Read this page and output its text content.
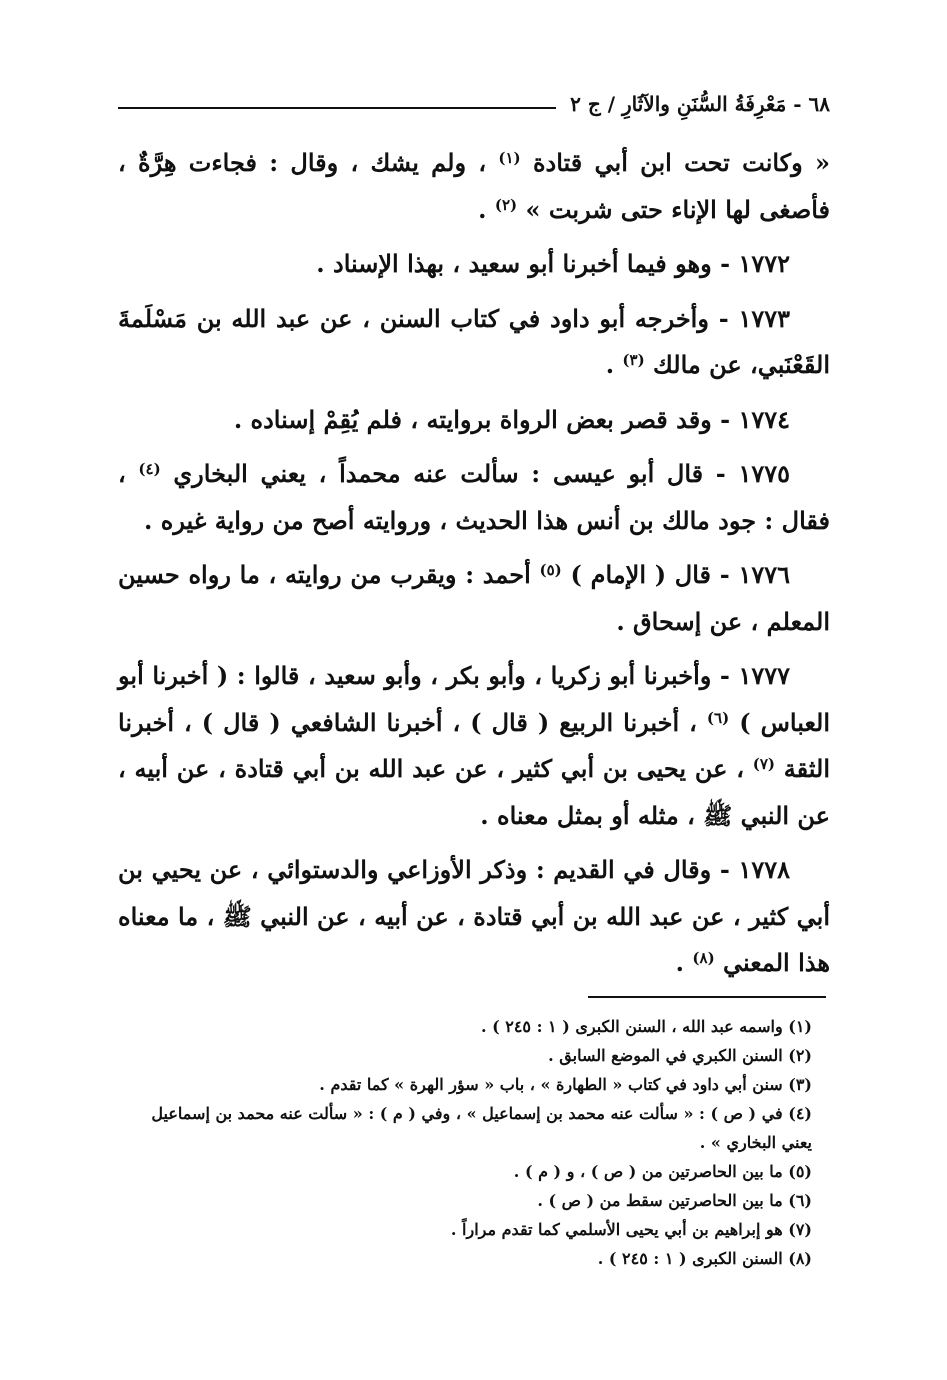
٦٨ - مَعْرِفَةُ السُّنَنِ والآثَارِ / ج ٢

« وكانت تحت ابن أبي قتادة $^{(١)}$ ، ولم يشك ، وقال : فجاءت هِرَّةٌ ، فأصغى لها الإناء حتى شربت » $^{(٢)}$ .

١٧٧٢ - وهو فيما أخبرنا أبو سعيد ، بهذا الإسناد .

١٧٧٣ - وأخرجه أبو داود في كتاب السنن ، عن عبد الله بن مَسْلَمةَ القَعْنَبي، عن مالك $^{(٣)}$ .

١٧٧٤ - وقد قصر بعض الرواة بروايته ، فلم يُقِمْ إسناده .

١٧٧٥ - قال أبو عيسى : سألت عنه محمداً ، يعني البخاري $^{(٤)}$ ، فقال : جود مالك بن أنس هذا الحديث ، وروايته أصح من رواية غيره .

١٧٧٦ - قال ( الإمام ) $^{(٥)}$ أحمد : ويقرب من روايته ، ما رواه حسين المعلم ، عن إسحاق .

١٧٧٧ - وأخبرنا أبو زكريا ، وأبو بكر ، وأبو سعيد ، قالوا : ( أخبرنا أبو العباس ) $^{(٦)}$ ، أخبرنا الربيع ( قال ) ، أخبرنا الشافعي ( قال ) ، أخبرنا الثقة $^{(٧)}$ ، عن يحيى بن أبي كثير ، عن عبد الله بن أبي قتادة ، عن أبيه ، عن النبي ﷺ ، مثله أو بمثل معناه .

١٧٧٨ - وقال في القديم : وذكر الأوزاعي والدستوائي ، عن يحيي بن أبي كثير ، عن عبد الله بن أبي قتادة ، عن أبيه ، عن النبي ﷺ ، ما معناه هذا المعني $^{(٨)}$ .

(١) واسمه عبد الله ، السنن الكبرى ( ١ : ٢٤٥ ) .

(٢) السنن الكبري في الموضع السابق .

(٣) سنن أبي داود في كتاب « الطهارة » ، باب « سؤر الهرة » كما تقدم .

(٤) في ( ص ) : « سألت عنه محمد بن إسماعيل » ، وفي ( م ) : « سألت عنه محمد بن إسماعيل يعني البخاري » .

(٥) ما بين الحاصرتين من ( ص ) ، و ( م ) .

(٦) ما بين الحاصرتين سقط من ( ص ) .

(٧) هو إبراهيم بن أبي يحيى الأسلمي كما تقدم مراراً .

(٨) السنن الكبرى ( ١ : ٢٤٥ ) .
